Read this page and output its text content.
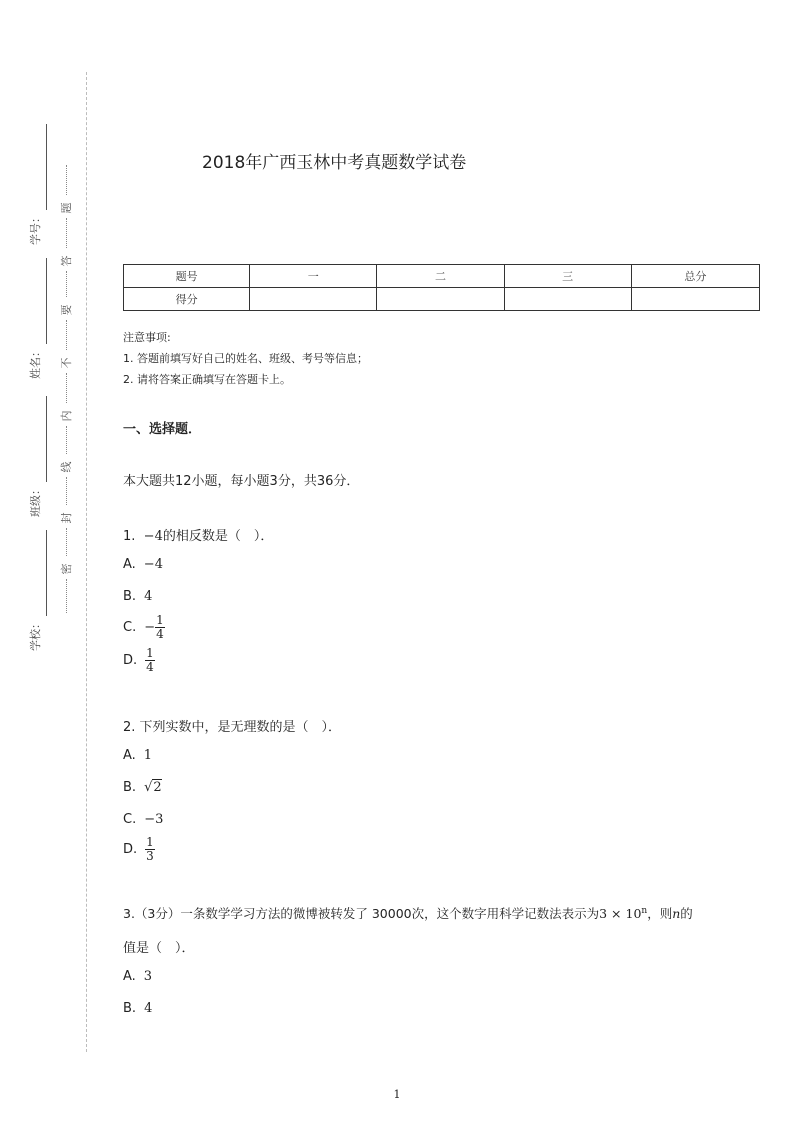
学号：
姓名：
班级：
学校：
题
答
要
不
内
线
封
密
2018年广西玉林中考真题数学试卷
题号	一	二	三	总分
得分				
注意事项:
1. 答题前填写好自己的姓名、班级、考号等信息；
2. 请将答案正确填写在答题卡上。
一、选择题．
本大题共12小题，每小题3分，共36分．
1. −4的相反数是（　）．
A. −4
B. 4
C. − $\frac{1}{4}$
D. $\frac{1}{4}$
2. 下列实数中，是无理数的是（　）．
A. 1
B. √2
C. −3
D. $\frac{1}{3}$
3.（3分）一条数学学习方法的微博被转发了 30000次，这个数字用科学记数法表示为$3 \times 10^n$，则n的
值是（　）．
A. 3
B. 4
1
